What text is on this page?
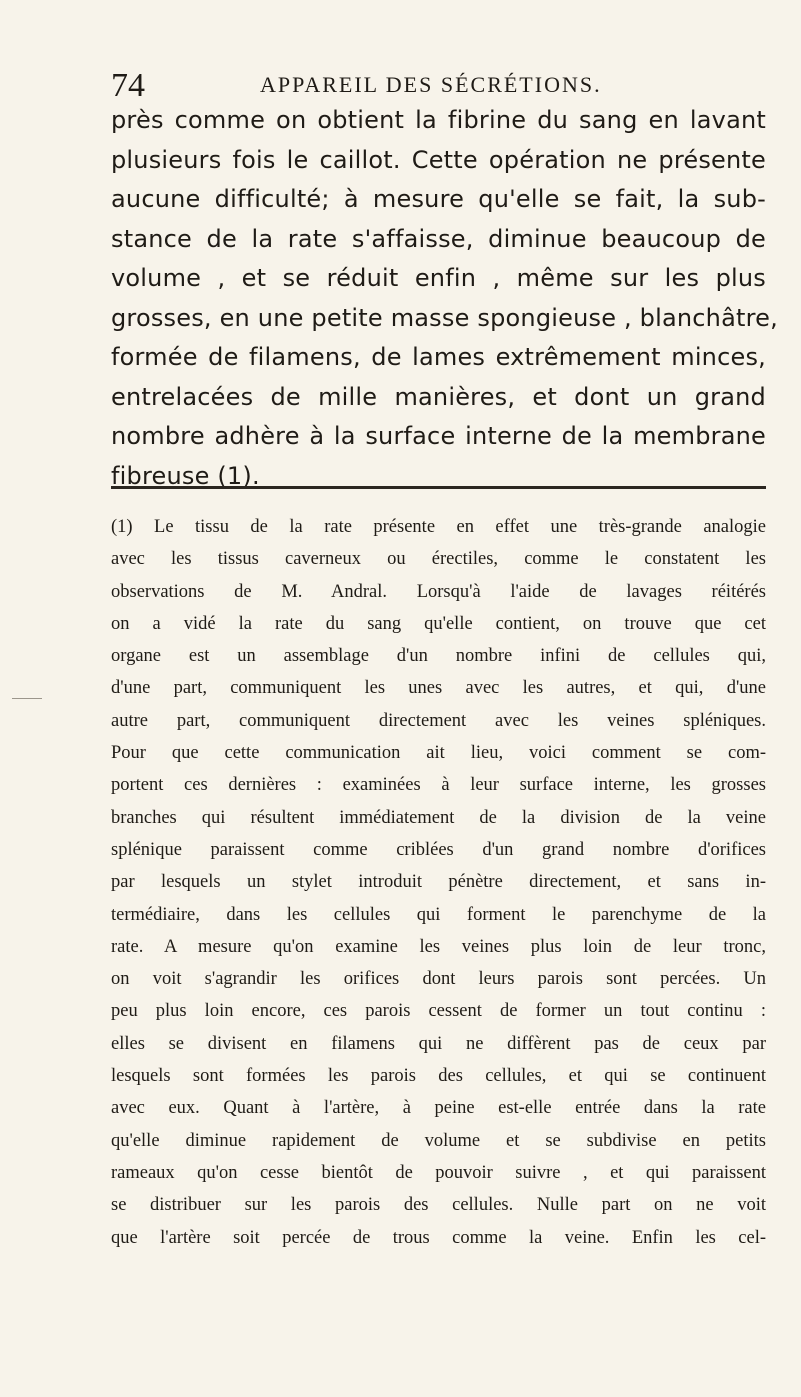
74	APPAREIL DES SÉCRÉTIONS.
près comme on obtient la fibrine du sang en lavant
plusieurs fois le caillot. Cette opération ne présente
aucune difficulté; à mesure qu'elle se fait, la sub-
stance de la rate s'affaisse, diminue beaucoup de
volume , et se réduit enfin , même sur les plus
grosses, en une petite masse spongieuse , blanchâtre,
formée de filamens, de lames extrêmement minces,
entrelacées de mille manières, et dont un grand
nombre adhère à la surface interne de la membrane
fibreuse (1).
(1) Le tissu de la rate présente en effet une très-grande analogie
avec les tissus caverneux ou érectiles, comme le constatent les
observations de M. Andral. Lorsqu'à l'aide de lavages réitérés
on a vidé la rate du sang qu'elle contient, on trouve que cet
organe est un assemblage d'un nombre infini de cellules qui,
d'une part, communiquent les unes avec les autres, et qui, d'une
autre part, communiquent directement avec les veines spléniques.
Pour que cette communication ait lieu, voici comment se com-
portent ces dernières : examinées à leur surface interne, les grosses
branches qui résultent immédiatement de la division de la veine
splénique paraissent comme criblées d'un grand nombre d'orifices
par lesquels un stylet introduit pénètre directement, et sans in-
termédiaire, dans les cellules qui forment le parenchyme de la
rate. A mesure qu'on examine les veines plus loin de leur tronc,
on voit s'agrandir les orifices dont leurs parois sont percées. Un
peu plus loin encore, ces parois cessent de former un tout continu :
elles se divisent en filamens qui ne diffèrent pas de ceux par
lesquels sont formées les parois des cellules, et qui se continuent
avec eux. Quant à l'artère, à peine est-elle entrée dans la rate
qu'elle diminue rapidement de volume et se subdivise en petits
rameaux qu'on cesse bientôt de pouvoir suivre , et qui paraissent
se distribuer sur les parois des cellules. Nulle part on ne voit
que l'artère soit percée de trous comme la veine. Enfin les cel-
